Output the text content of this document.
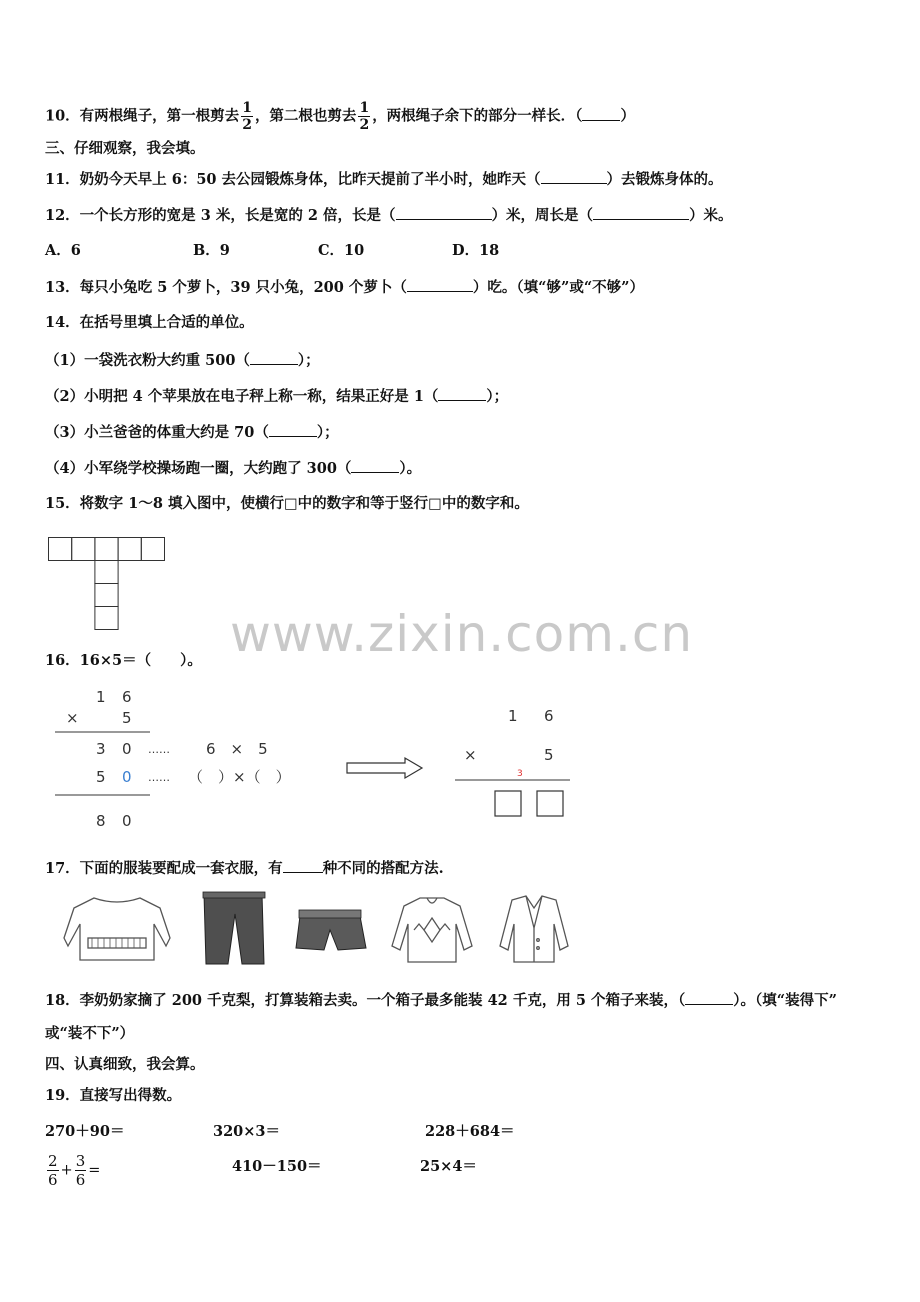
10．有两根绳子，第一根剪去 $\frac{1}{2}$ ，第二根也剪去 $\frac{1}{2}$ ，两根绳子余下的部分一样长．（	）
三、仔细观察，我会填。
11．奶奶今天早上 6：50 去公园锻炼身体，比昨天提前了半小时，她昨天（	）去锻炼身体的。
12．一个长方形的宽是 3 米，长是宽的 2 倍，长是（	）米，周长是（	）米。
A．6	B．9	C．10	D．18
13．每只小兔吃 5 个萝卜，39 只小兔，200 个萝卜（	）吃。（填“够”或“不够”）
14．在括号里填上合适的单位。
（1）一袋洗衣粉大约重 500（	）；
（2）小明把 4 个苹果放在电子秤上称一称，结果正好是 1（	）；
（3）小兰爸爸的体重大约是 70（	）；
（4）小军绕学校操场跑一圈，大约跑了 300（	）。
15．将数字 1～8 填入图中，使横行□中的数字和等于竖行□中的数字和。
www.zixin.com.cn
16．16×5＝（　　）。
1 6
×	5
3 0 …… 6　×　5
5 0 …… （　）×（　）
8 0
1 6
×	5
3
17．下面的服装要配成一套衣服，有	种不同的搭配方法.
18．李奶奶家摘了 200 千克梨，打算装箱去卖。一个箱子最多能装 42 千克，用 5 个箱子来装，（	）。（填“装得下”
或“装不下”）
四、认真细致，我会算。
19．直接写出得数。
270＋90＝	320×3＝	228＋684＝
$\frac{2}{6} + \frac{3}{6}$ =	410－150＝	25×4＝
